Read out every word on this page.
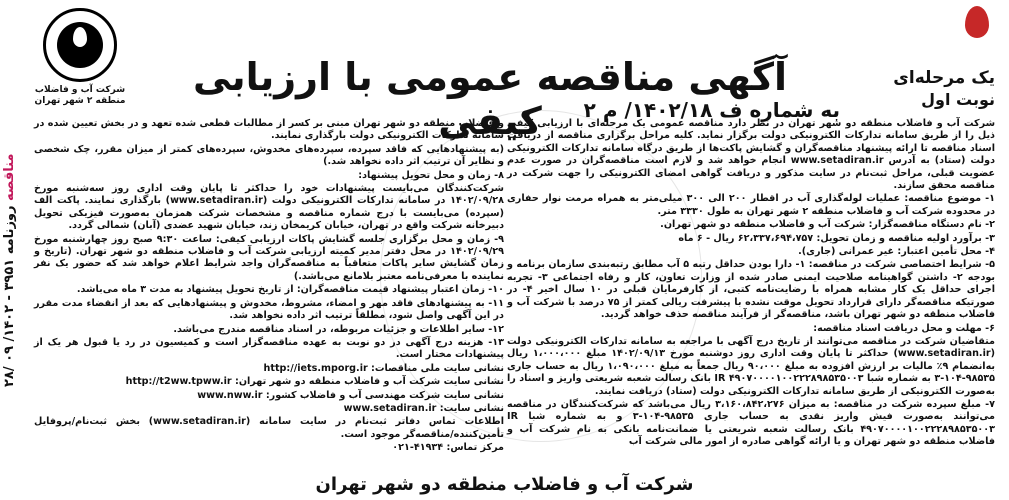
۲۸/ ۰۹ /۱۴۰۲ - ۳۹۵۱ مناقصه روزنامه
شرکت آب و فاضلاب
منطقه ۲ شهر تهران
آگهی مناقصه عمومی با ارزیابی کیفی	به شماره ف ۱۴۰۲/۱۸/ م ۲
یک مرحله‌ای
نوبت اول

شرکت آب و فاضلاب منطقه دو شهر تهران در نظر دارد مناقصه عمومی یک مرحله‌ای با ارزیابی کیفی ذیل را از طریق سامانه تدارکات الکترونیکی دولت برگزار نماید. کلیه مراحل برگزاری مناقصه از دریافت اسناد مناقصه تا ارائه پیشنهاد مناقصه‌گران و گشایش پاکت‌ها از طریق درگاه سامانه تدارکات الکترونیکی دولت (ستاد) به آدرس www.setadiran.ir انجام خواهد شد و لازم است مناقصه‌گران در صورت عدم عضویت قبلی، مراحل ثبت‌نام در سایت مذکور و دریافت گواهی امضای الکترونیکی را جهت شرکت در مناقصه محقق سازند.

۱- موضوع مناقصه: عملیات لوله‌گذاری آب در اقطار ۲۰۰ الی ۳۰۰ میلی‌متر به همراه مرمت نوار حفاری در محدوده شرکت آب و فاضلاب منطقه ۲ شهر تهران به طول ۳۳۳۰ متر.

۲- نام دستگاه مناقصه‌گزار: شرکت آب و فاضلاب منطقه دو شهر تهران.

۳- برآورد اولیه مناقصه و زمان تحویل: ۶۲،۳۳۷،۶۹۴،۷۵۷ ریال - ۶ ماه

۴- محل تأمین اعتبار: غیر عمرانی (جاری).

۵- شرایط اختصاصی شرکت در مناقصه: ۱- دارا بودن حداقل رتبه ۵ آب مطابق رتبه‌بندی سازمان برنامه و بودجه ۲- داشتن گواهینامه صلاحیت ایمنی صادر شده از وزارت تعاون، کار و رفاه اجتماعی ۳- تجربه اجرای حداقل یک کار مشابه همراه با رضایت‌نامه کتبی، از کارفرمایان قبلی در ۱۰ سال اخیر ۴- در صورتیکه مناقصه‌گر دارای قرارداد تحویل موقت نشده با پیشرفت ریالی کمتر از ۷۵ درصد با شرکت آب و فاضلاب منطقه دو شهر تهران باشد، مناقصه‌گر از فرآیند مناقصه حذف خواهد گردید.

۶- مهلت و محل دریافت اسناد مناقصه:

متقاضیان شرکت در مناقصه می‌توانند از تاریخ درج آگهی با مراجعه به سامانه تدارکات الکترونیکی دولت (www.setadiran.ir) حداکثر تا پایان وقت اداری روز دوشنبه مورخ ۱۴۰۲/۰۹/۱۳ مبلغ ۱،۰۰۰،۰۰۰ ریال به‌انضمام ۹٪ مالیات بر ارزش افزوده به مبلغ ۹۰،۰۰۰ ریال جمعاً به مبلغ ۱،۰۹۰،۰۰۰ ریال به حساب جاری ۹۸۵۳۵-۱۰۴-۳ به شماره شبا IR ۴۹۰۷۰۰۰۰۱۰۰۲۲۲۸۹۸۵۳۵۰۰۳ بانک رسالت شعبه شریعتی واریز و اسناد را به‌صورت الکترونیکی از طریق سامانه تدارکات الکترونیکی دولت (ستاد) دریافت نمایند.

۷- مبلغ سپرده شرکت در مناقصه: به میزان ۳،۱۶۰،۸۴۲،۲۷۶ ریال می‌باشد که شرکت‌کنندگان در مناقصه می‌توانند به‌صورت فیش واریز نقدی به حساب جاری ۹۸۵۳۵-۱۰۴-۳ و به شماره شبا IR ۴۹۰۷۰۰۰۰۱۰۰۲۲۲۸۹۸۵۳۵۰۰۳ بانک رسالت شعبه شریعتی یا ضمانت‌نامه بانکی به نام شرکت آب و فاضلاب منطقه دو شهر تهران و یا ارائه گواهی صادره از امور مالی شرکت آب

و فاضلاب منطقه دو شهر تهران مبنی بر کسر از مطالبات قطعی شده تعهد و در بخش تعیین شده در سامانه تدارکات الکترونیکی دولت بارگذاری نمایند.

(به پیشنهادهایی که فاقد سپرده، سپرده‌های مخدوش، سپرده‌های کمتر از میزان مقرر، چک شخصی و نظایر آن ترتیب اثر داده نخواهد شد.)

۸- زمان و محل تحویل پیشنهاد:

شرکت‌کنندگان می‌بایست پیشنهادات خود را حداکثر تا پایان وقت اداری روز سه‌شنبه مورخ ۱۴۰۲/۰۹/۲۸ در سامانه تدارکات الکترونیکی دولت (www.setadiran.ir) بارگذاری نمایند. پاکت الف (سپرده) می‌بایست با درج شماره مناقصه و مشخصات شرکت همزمان به‌صورت فیزیکی تحویل دبیرخانه شرکت واقع در تهران، خیابان کریمخان زند، خیابان شهید عضدی (آبان) شمالی گردد.

۹- زمان و محل برگزاری جلسه گشایش پاکات ارزیابی کیفی: ساعت ۹:۳۰ صبح روز چهارشنبه مورخ ۱۴۰۲/۰۹/۲۹ در محل دفتر مدیر کمیته ارزیابی شرکت آب و فاضلاب منطقه دو شهر تهران. (تاریخ و زمان گشایش سایر پاکات متعاقباً به مناقصه‌گران واجد شرایط اعلام خواهد شد که حضور یک نفر نماینده با معرفی‌نامه معتبر بلامانع می‌باشد.)

۱۰- زمان اعتبار پیشنهاد قیمت مناقصه‌گران: از تاریخ تحویل پیشنهاد به مدت ۳ ماه می‌باشد.

۱۱- به پیشنهادهای فاقد مهر و امضاء، مشروط، مخدوش و پیشنهادهایی که بعد از انقضاء مدت مقرر در این آگهی واصل شود، مطلقاً ترتیب اثر داده نخواهد شد.

۱۲- سایر اطلاعات و جزئیات مربوطه، در اسناد مناقصه مندرج می‌باشد.

۱۳- هزینه درج آگهی در دو نوبت به عهده مناقصه‌گزار است و کمیسیون در رد یا قبول هر یک از پیشنهادات مختار است.

نشانی سایت ملی مناقصات: http://iets.mporg.ir

نشانی سایت شرکت آب و فاضلاب منطقه دو شهر تهران: http://t2ww.tpww.ir

نشانی سایت شرکت مهندسی آب و فاضلاب کشور: www.nww.ir

نشانی سایت: www.setadiran.ir

اطلاعات تماس دفاتر ثبت‌نام در سایت سامانه (www.setadiran.ir) بخش ثبت‌نام/پروفایل تأمین‌کننده/مناقصه‌گر موجود است.

مرکز تماس: ۴۱۹۳۴-۰۲۱

شرکت آب و فاضلاب منطقه دو شهر تهران
